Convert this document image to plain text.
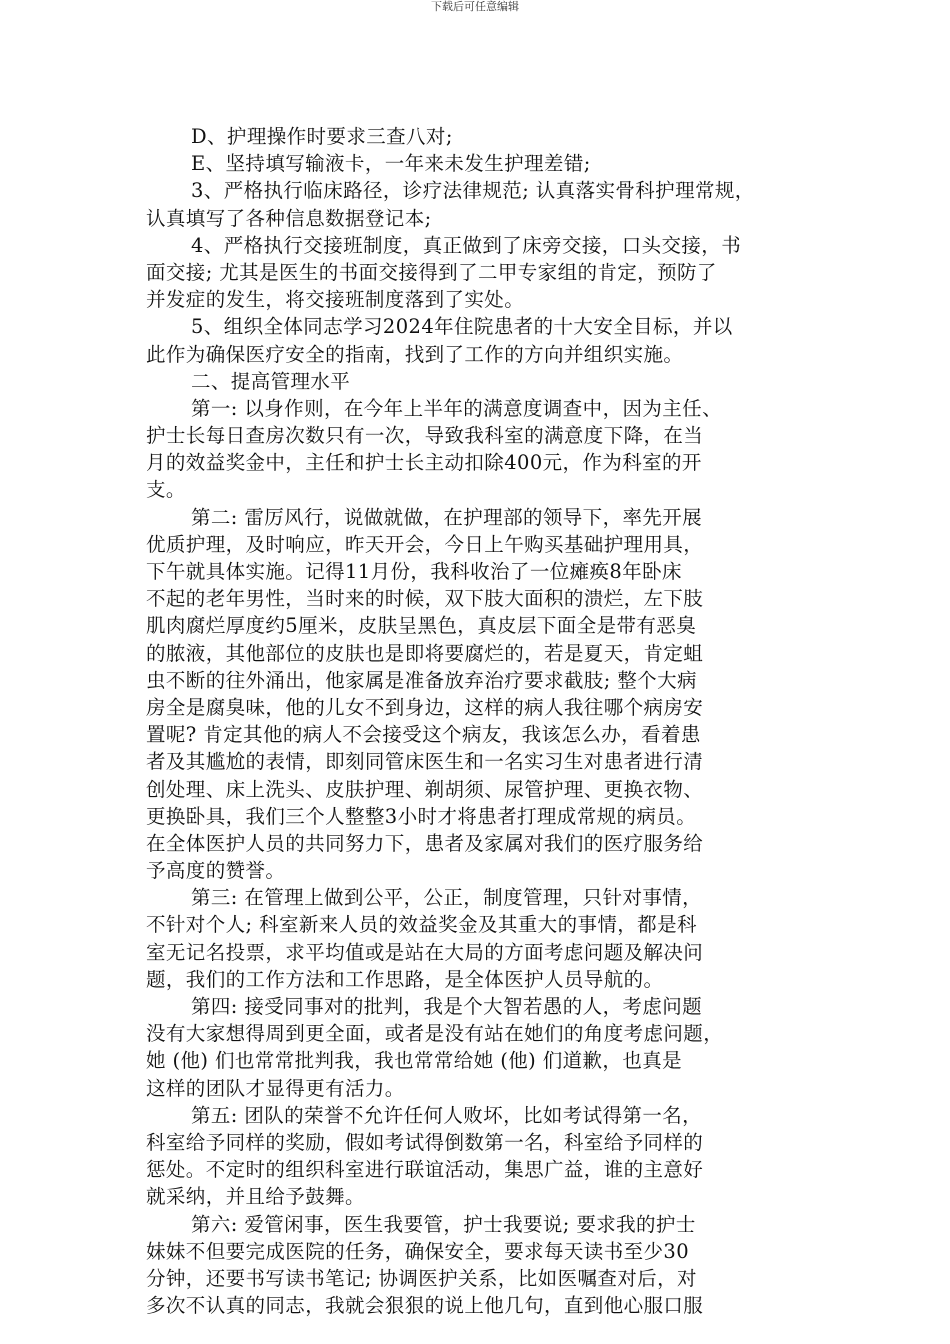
下载后可任意编辑
D、护理操作时要求三查八对;
E、坚持填写输液卡，一年来未发生护理差错;
3、严格执行临床路径，诊疗法律规范; 认真落实骨科护理常规，
认真填写了各种信息数据登记本;
4、严格执行交接班制度，真正做到了床旁交接，口头交接，书
面交接; 尤其是医生的书面交接得到了二甲专家组的肯定，预防了
并发症的发生，将交接班制度落到了实处。
5、组织全体同志学习2024年住院患者的十大安全目标，并以
此作为确保医疗安全的指南，找到了工作的方向并组织实施。
二、提高管理水平
第一: 以身作则，在今年上半年的满意度调查中，因为主任、
护士长每日查房次数只有一次，导致我科室的满意度下降，在当
月的效益奖金中，主任和护士长主动扣除400元，作为科室的开
支。
第二: 雷厉风行，说做就做，在护理部的领导下，率先开展
优质护理，及时响应，昨天开会，今日上午购买基础护理用具，
下午就具体实施。记得11月份，我科收治了一位瘫痪8年卧床
不起的老年男性，当时来的时候，双下肢大面积的溃烂，左下肢
肌肉腐烂厚度约5厘米，皮肤呈黑色，真皮层下面全是带有恶臭
的脓液，其他部位的皮肤也是即将要腐烂的，若是夏天，肯定蛆
虫不断的往外涌出，他家属是准备放弃治疗要求截肢; 整个大病
房全是腐臭味，他的儿女不到身边，这样的病人我往哪个病房安
置呢? 肯定其他的病人不会接受这个病友，我该怎么办，看着患
者及其尴尬的表情，即刻同管床医生和一名实习生对患者进行清
创处理、床上洗头、皮肤护理、剃胡须、尿管护理、更换衣物、
更换卧具，我们三个人整整3小时才将患者打理成常规的病员。
在全体医护人员的共同努力下，患者及家属对我们的医疗服务给
予高度的赞誉。
第三: 在管理上做到公平，公正，制度管理，只针对事情，
不针对个人; 科室新来人员的效益奖金及其重大的事情，都是科
室无记名投票，求平均值或是站在大局的方面考虑问题及解决问
题，我们的工作方法和工作思路，是全体医护人员导航的。
第四: 接受同事对的批判，我是个大智若愚的人，考虑问题
没有大家想得周到更全面，或者是没有站在她们的角度考虑问题，
她 (他) 们也常常批判我，我也常常给她 (他) 们道歉，也真是
这样的团队才显得更有活力。
第五: 团队的荣誉不允许任何人败坏，比如考试得第一名，
科室给予同样的奖励，假如考试得倒数第一名，科室给予同样的
惩处。不定时的组织科室进行联谊活动，集思广益，谁的主意好
就采纳，并且给予鼓舞。
第六: 爱管闲事，医生我要管，护士我要说; 要求我的护士
妹妹不但要完成医院的任务，确保安全，要求每天读书至少30
分钟，还要书写读书笔记; 协调医护关系，比如医嘱查对后，对
多次不认真的同志，我就会狠狠的说上他几句，直到他心服口服
